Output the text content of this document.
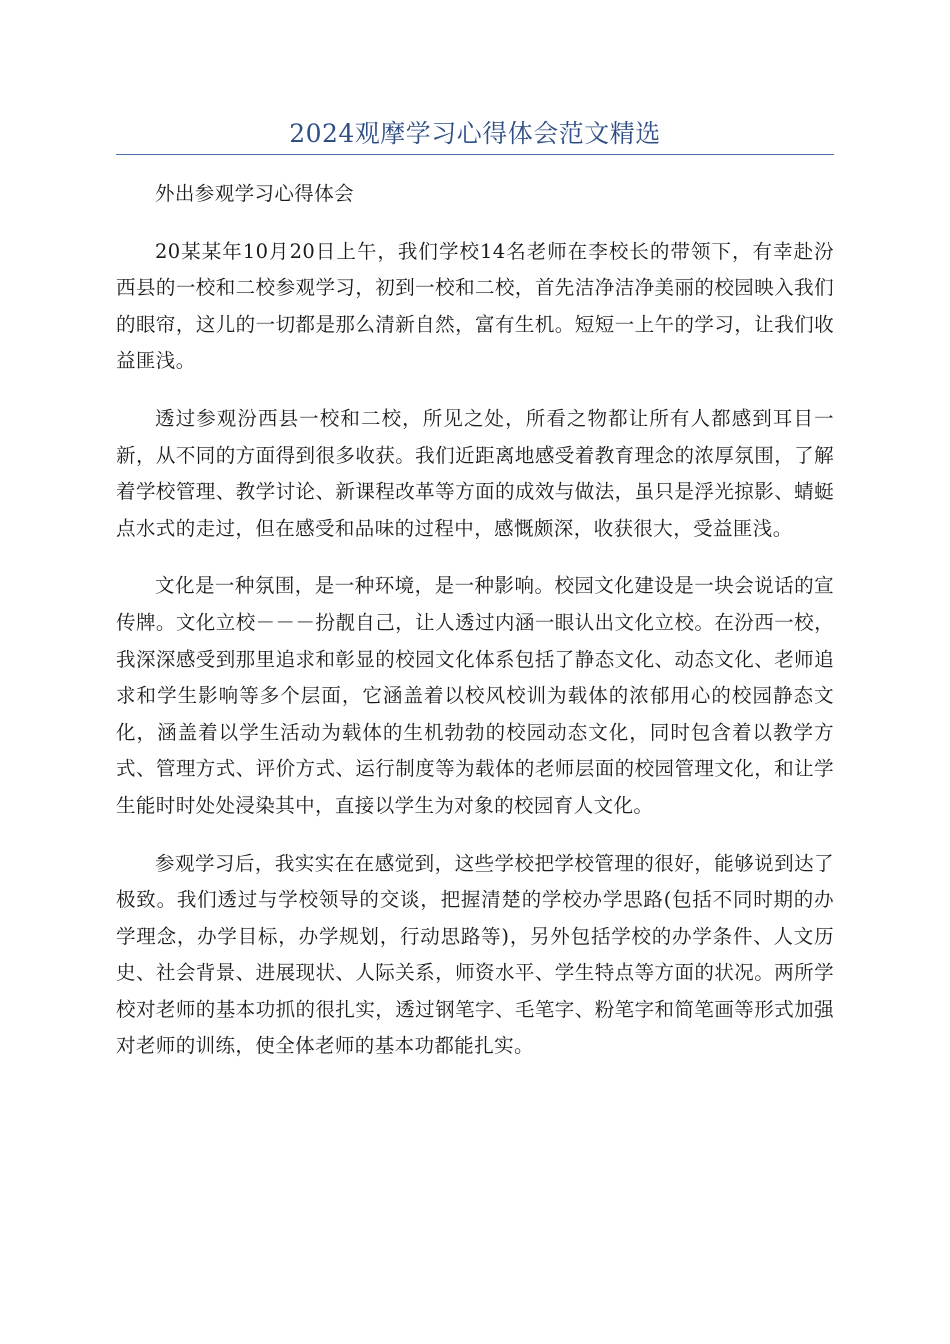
2024观摩学习心得体会范文精选

外出参观学习心得体会

20某某年10月20日上午，我们学校14名老师在李校长的带领下，有幸赴汾西县的一校和二校参观学习，初到一校和二校，首先洁净洁净美丽的校园映入我们的眼帘，这儿的一切都是那么清新自然，富有生机。短短一上午的学习，让我们收益匪浅。

透过参观汾西县一校和二校，所见之处，所看之物都让所有人都感到耳目一新，从不同的方面得到很多收获。我们近距离地感受着教育理念的浓厚氛围，了解着学校管理、教学讨论、新课程改革等方面的成效与做法，虽只是浮光掠影、蜻蜓点水式的走过，但在感受和品味的过程中，感慨颇深，收获很大，受益匪浅。

文化是一种氛围，是一种环境，是一种影响。校园文化建设是一块会说话的宣传牌。文化立校－－－扮靓自己，让人透过内涵一眼认出文化立校。在汾西一校，我深深感受到那里追求和彰显的校园文化体系包括了静态文化、动态文化、老师追求和学生影响等多个层面，它涵盖着以校风校训为载体的浓郁用心的校园静态文化，涵盖着以学生活动为载体的生机勃勃的校园动态文化，同时包含着以教学方式、管理方式、评价方式、运行制度等为载体的老师层面的校园管理文化，和让学生能时时处处浸染其中，直接以学生为对象的校园育人文化。

参观学习后，我实实在在感觉到，这些学校把学校管理的很好，能够说到达了极致。我们透过与学校领导的交谈，把握清楚的学校办学思路(包括不同时期的办学理念，办学目标，办学规划，行动思路等)，另外包括学校的办学条件、人文历史、社会背景、进展现状、人际关系，师资水平、学生特点等方面的状况。两所学校对老师的基本功抓的很扎实，透过钢笔字、毛笔字、粉笔字和简笔画等形式加强对老师的训练，使全体老师的基本功都能扎实。
